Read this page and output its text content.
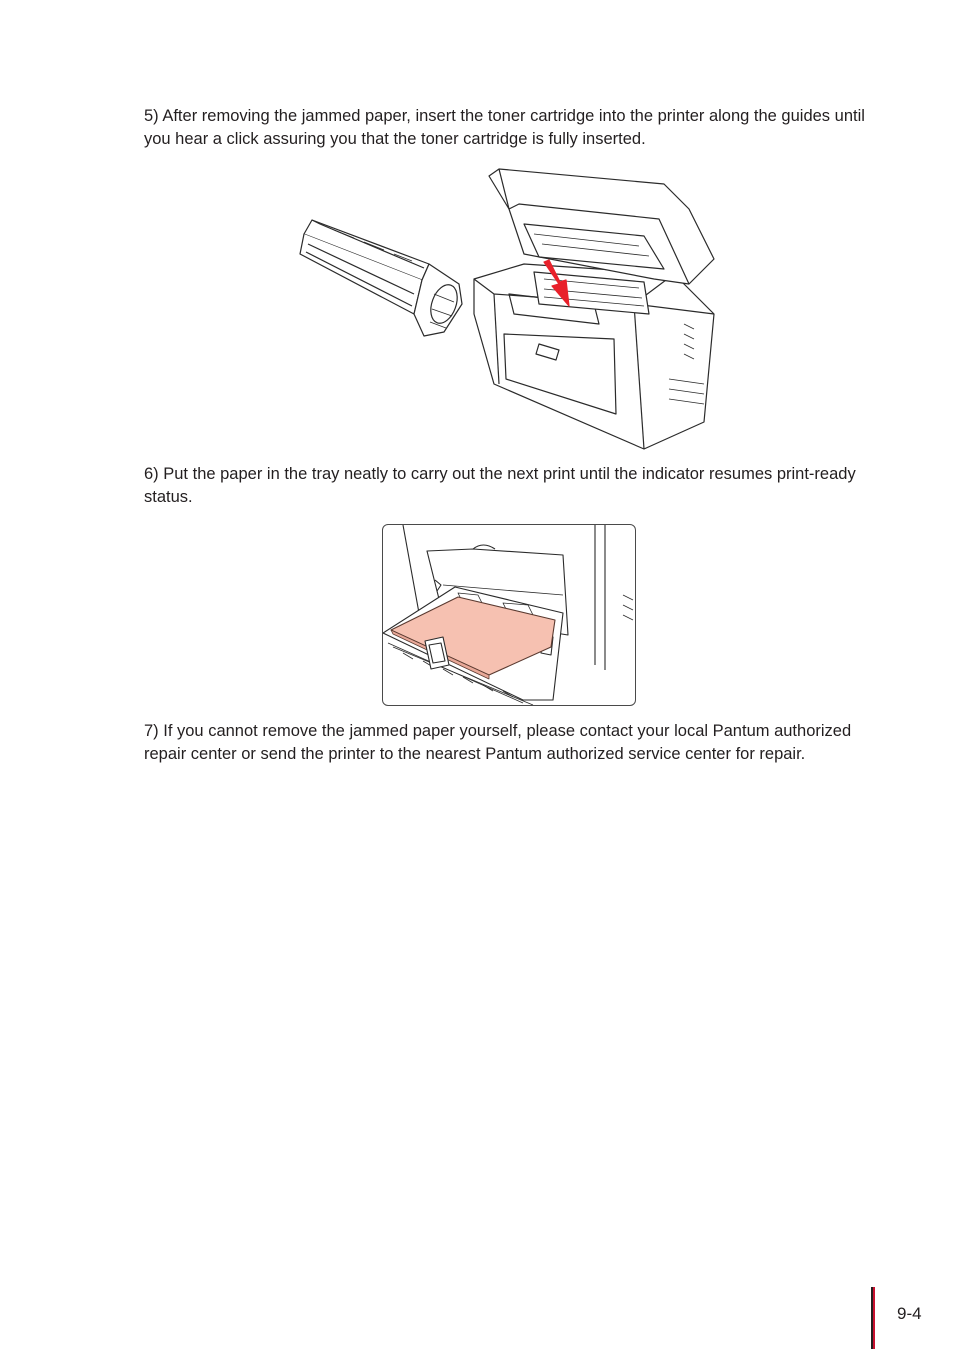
5) After removing the jammed paper, insert the toner cartridge into the printer along the guides until you hear a click assuring you that the toner cartridge is fully inserted.

6) Put the paper in the tray neatly to carry out the next print until the indicator resumes print-ready status.

7) If you cannot remove the jammed paper yourself, please contact your local Pantum authorized repair center or send the printer to the nearest Pantum authorized service center for repair.

9-4
